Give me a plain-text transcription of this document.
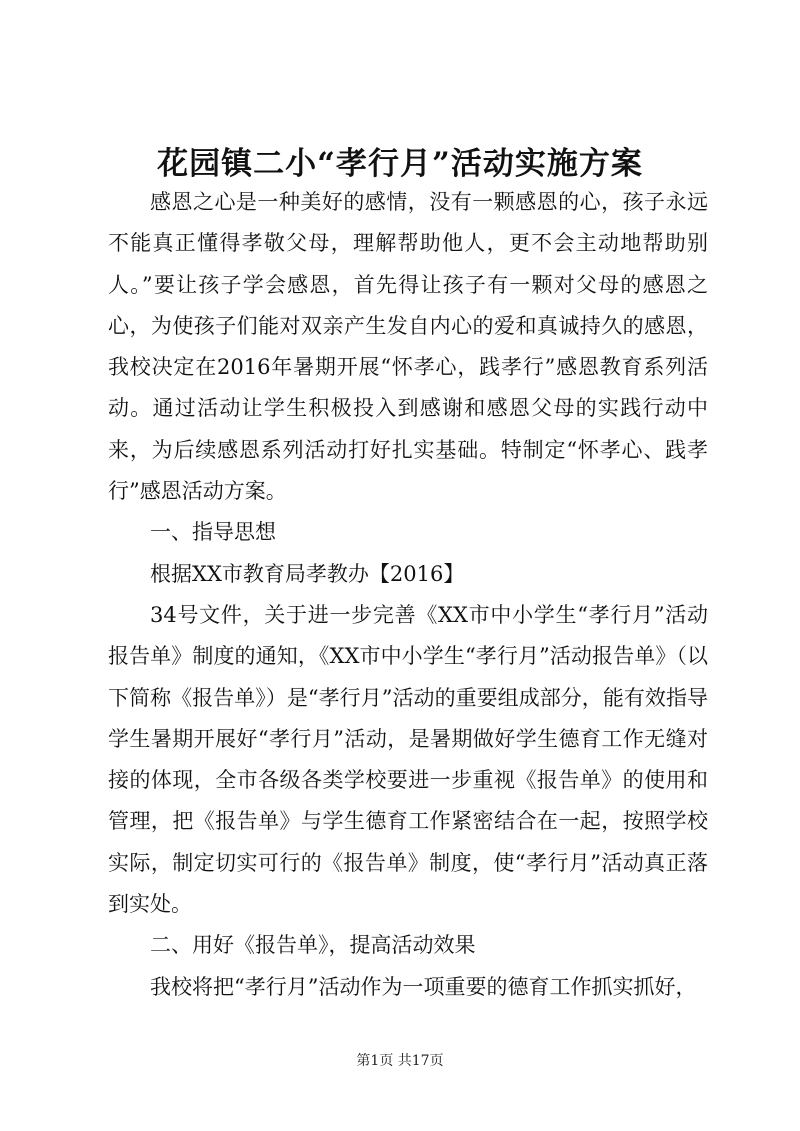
花园镇二小“孝行月”活动实施方案

感恩之心是一种美好的感情，没有一颗感恩的心，孩子永远不能真正懂得孝敬父母，理解帮助他人，更不会主动地帮助别人。”要让孩子学会感恩，首先得让孩子有一颗对父母的感恩之心，为使孩子们能对双亲产生发自内心的爱和真诚持久的感恩，我校决定在2016年暑期开展“怀孝心，践孝行”感恩教育系列活动。通过活动让学生积极投入到感谢和感恩父母的实践行动中来，为后续感恩系列活动打好扎实基础。特制定“怀孝心、践孝行”感恩活动方案。

一、指导思想

根据XX市教育局孝教办【2016】

34号文件，关于进一步完善《XX市中小学生“孝行月”活动报告单》制度的通知，《XX市中小学生“孝行月”活动报告单》（以下简称《报告单》）是“孝行月”活动的重要组成部分，能有效指导学生暑期开展好“孝行月”活动，是暑期做好学生德育工作无缝对接的体现，全市各级各类学校要进一步重视《报告单》的使用和管理，把《报告单》与学生德育工作紧密结合在一起，按照学校实际，制定切实可行的《报告单》制度，使“孝行月”活动真正落到实处。

二、用好《报告单》，提高活动效果

我校将把“孝行月”活动作为一项重要的德育工作抓实抓好，

第1页 共17页
